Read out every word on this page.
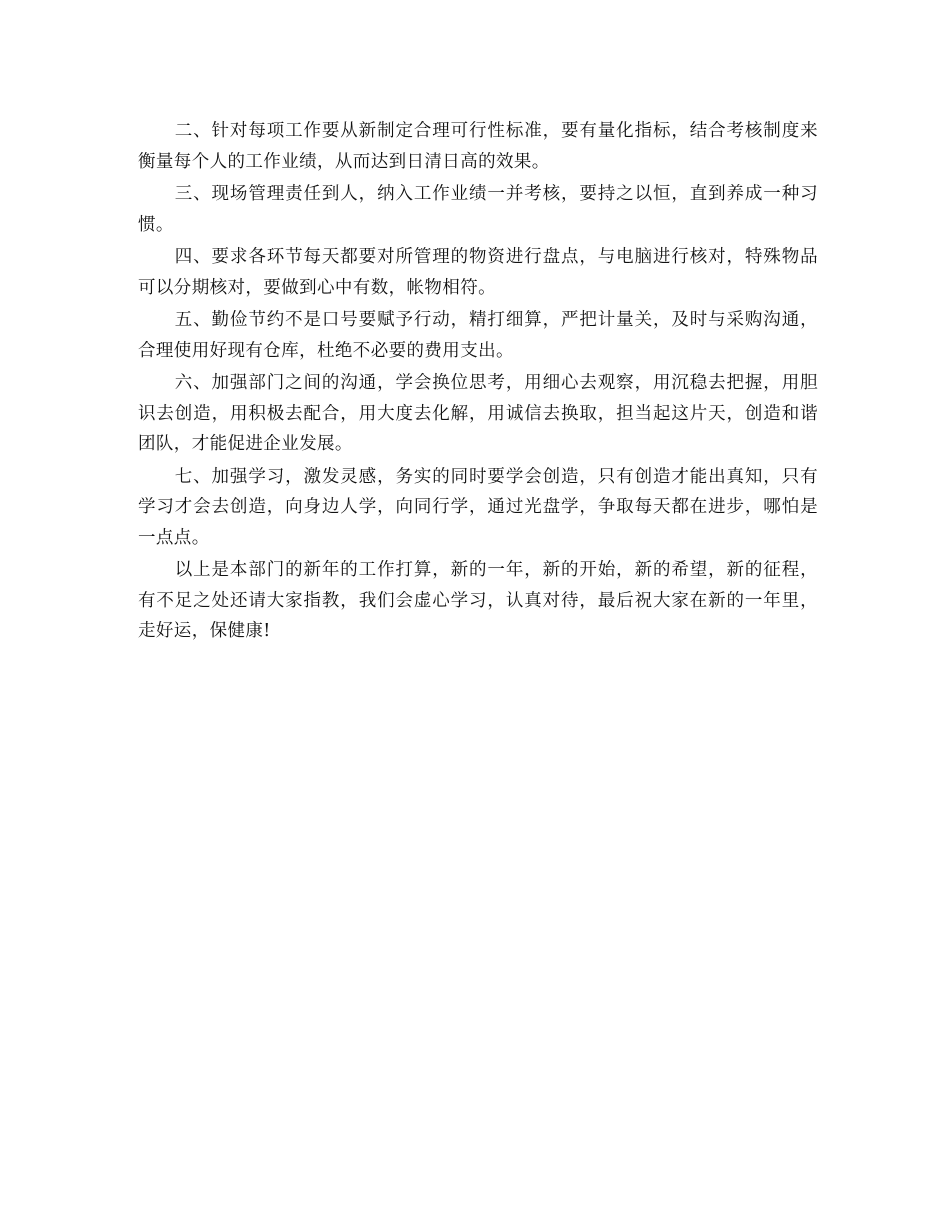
二、针对每项工作要从新制定合理可行性标准，要有量化指标，结合考核制度来衡量每个人的工作业绩，从而达到日清日高的效果。

三、现场管理责任到人，纳入工作业绩一并考核，要持之以恒，直到养成一种习惯。

四、要求各环节每天都要对所管理的物资进行盘点，与电脑进行核对，特殊物品可以分期核对，要做到心中有数，帐物相符。

五、勤俭节约不是口号要赋予行动，精打细算，严把计量关，及时与采购沟通，合理使用好现有仓库，杜绝不必要的费用支出。

六、加强部门之间的沟通，学会换位思考，用细心去观察，用沉稳去把握，用胆识去创造，用积极去配合，用大度去化解，用诚信去换取，担当起这片天，创造和谐团队，才能促进企业发展。

七、加强学习，激发灵感，务实的同时要学会创造，只有创造才能出真知，只有学习才会去创造，向身边人学，向同行学，通过光盘学，争取每天都在进步，哪怕是一点点。

以上是本部门的新年的工作打算，新的一年，新的开始，新的希望，新的征程，有不足之处还请大家指教，我们会虚心学习，认真对待，最后祝大家在新的一年里，走好运，保健康!
